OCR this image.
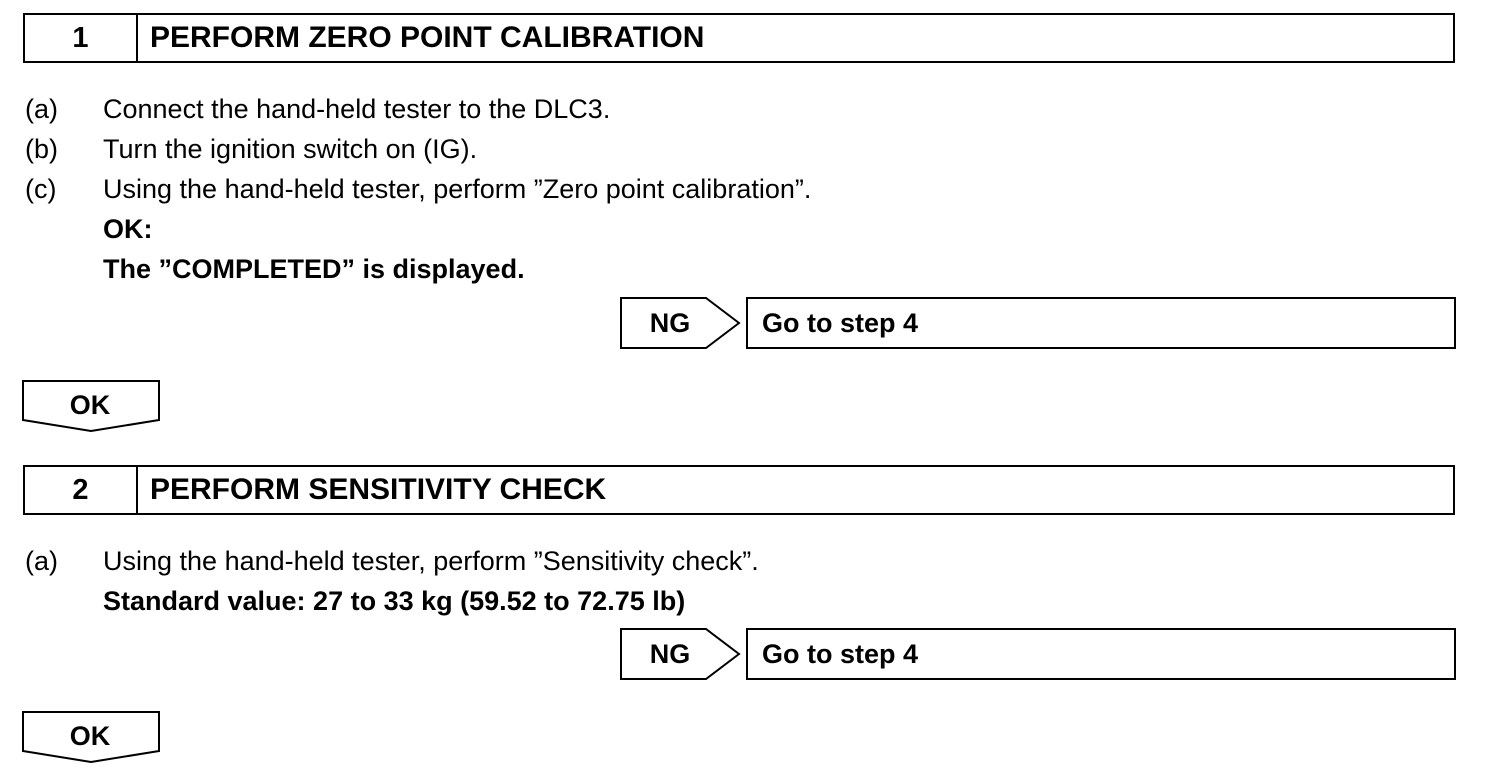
1	PERFORM ZERO POINT CALIBRATION
(a) Connect the hand-held tester to the DLC3.
(b) Turn the ignition switch on (IG).
(c) Using the hand-held tester, perform ”Zero point calibration”.
OK:
The ”COMPLETED” is displayed.
NG	Go to step 4
OK
2	PERFORM SENSITIVITY CHECK
(a) Using the hand-held tester, perform ”Sensitivity check”.
Standard value: 27 to 33 kg (59.52 to 72.75 lb)
NG	Go to step 4
OK
